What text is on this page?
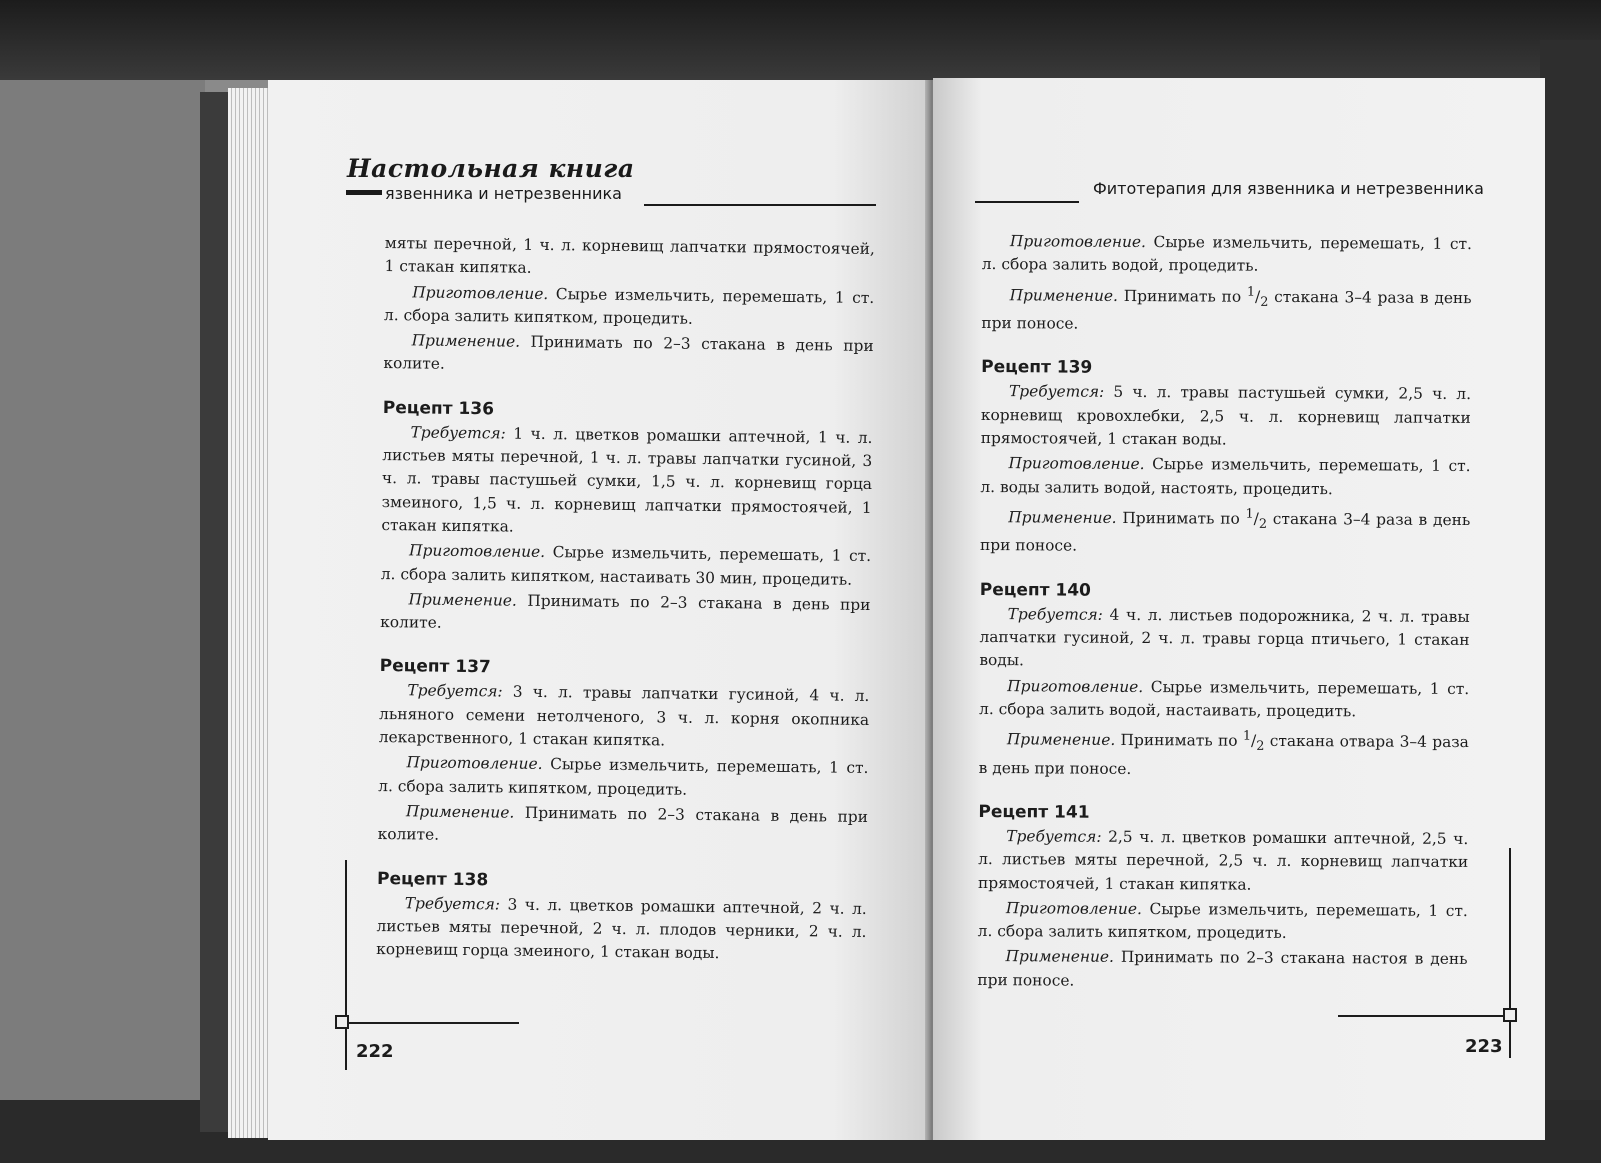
Настольная книга
язвенника и нетрезвенника

мяты перечной, 1 ч. л. корневищ лапчатки прямостоячей, 1 стакан кипятка.

Приготовление. Сырье измельчить, перемешать, 1 ст. л. сбора залить кипятком, процедить.

Применение. Принимать по 2–3 стакана в день при колите.

Рецепт 136

Требуется: 1 ч. л. цветков ромашки аптечной, 1 ч. л. листьев мяты перечной, 1 ч. л. травы лапчатки гусиной, 3 ч. л. травы пастушьей сумки, 1,5 ч. л. корневищ горца змеиного, 1,5 ч. л. корневищ лапчатки прямостоячей, 1 стакан кипятка.

Приготовление. Сырье измельчить, перемешать, 1 ст. л. сбора залить кипятком, настаивать 30 мин, процедить.

Применение. Принимать по 2–3 стакана в день при колите.

Рецепт 137

Требуется: 3 ч. л. травы лапчатки гусиной, 4 ч. л. льняного семени нетолченого, 3 ч. л. корня окопника лекарственного, 1 стакан кипятка.

Приготовление. Сырье измельчить, перемешать, 1 ст. л. сбора залить кипятком, процедить.

Применение. Принимать по 2–3 стакана в день при колите.

Рецепт 138

Требуется: 3 ч. л. цветков ромашки аптечной, 2 ч. л. листьев мяты перечной, 2 ч. л. плодов черники, 2 ч. л. корневищ горца змеиного, 1 стакан воды.

222
Фитотерапия для язвенника и нетрезвенника

Приготовление. Сырье измельчить, перемешать, 1 ст. л. сбора залить водой, процедить.

Применение. Принимать по $^1/_2$ стакана 3–4 раза в день при поносе.

Рецепт 139

Требуется: 5 ч. л. травы пастушьей сумки, 2,5 ч. л. корневищ кровохлебки, 2,5 ч. л. корневищ лапчатки прямостоячей, 1 стакан воды.

Приготовление. Сырье измельчить, перемешать, 1 ст. л. воды залить водой, настоять, процедить.

Применение. Принимать по $^1/_2$ стакана 3–4 раза в день при поносе.

Рецепт 140

Требуется: 4 ч. л. листьев подорожника, 2 ч. л. травы лапчатки гусиной, 2 ч. л. травы горца птичьего, 1 стакан воды.

Приготовление. Сырье измельчить, перемешать, 1 ст. л. сбора залить водой, настаивать, процедить.

Применение. Принимать по $^1/_2$ стакана отвара 3–4 раза в день при поносе.

Рецепт 141

Требуется: 2,5 ч. л. цветков ромашки аптечной, 2,5 ч. л. листьев мяты перечной, 2,5 ч. л. корневищ лапчатки прямостоячей, 1 стакан кипятка.

Приготовление. Сырье измельчить, перемешать, 1 ст. л. сбора залить кипятком, процедить.

Применение. Принимать по 2–3 стакана настоя в день при поносе.

223
